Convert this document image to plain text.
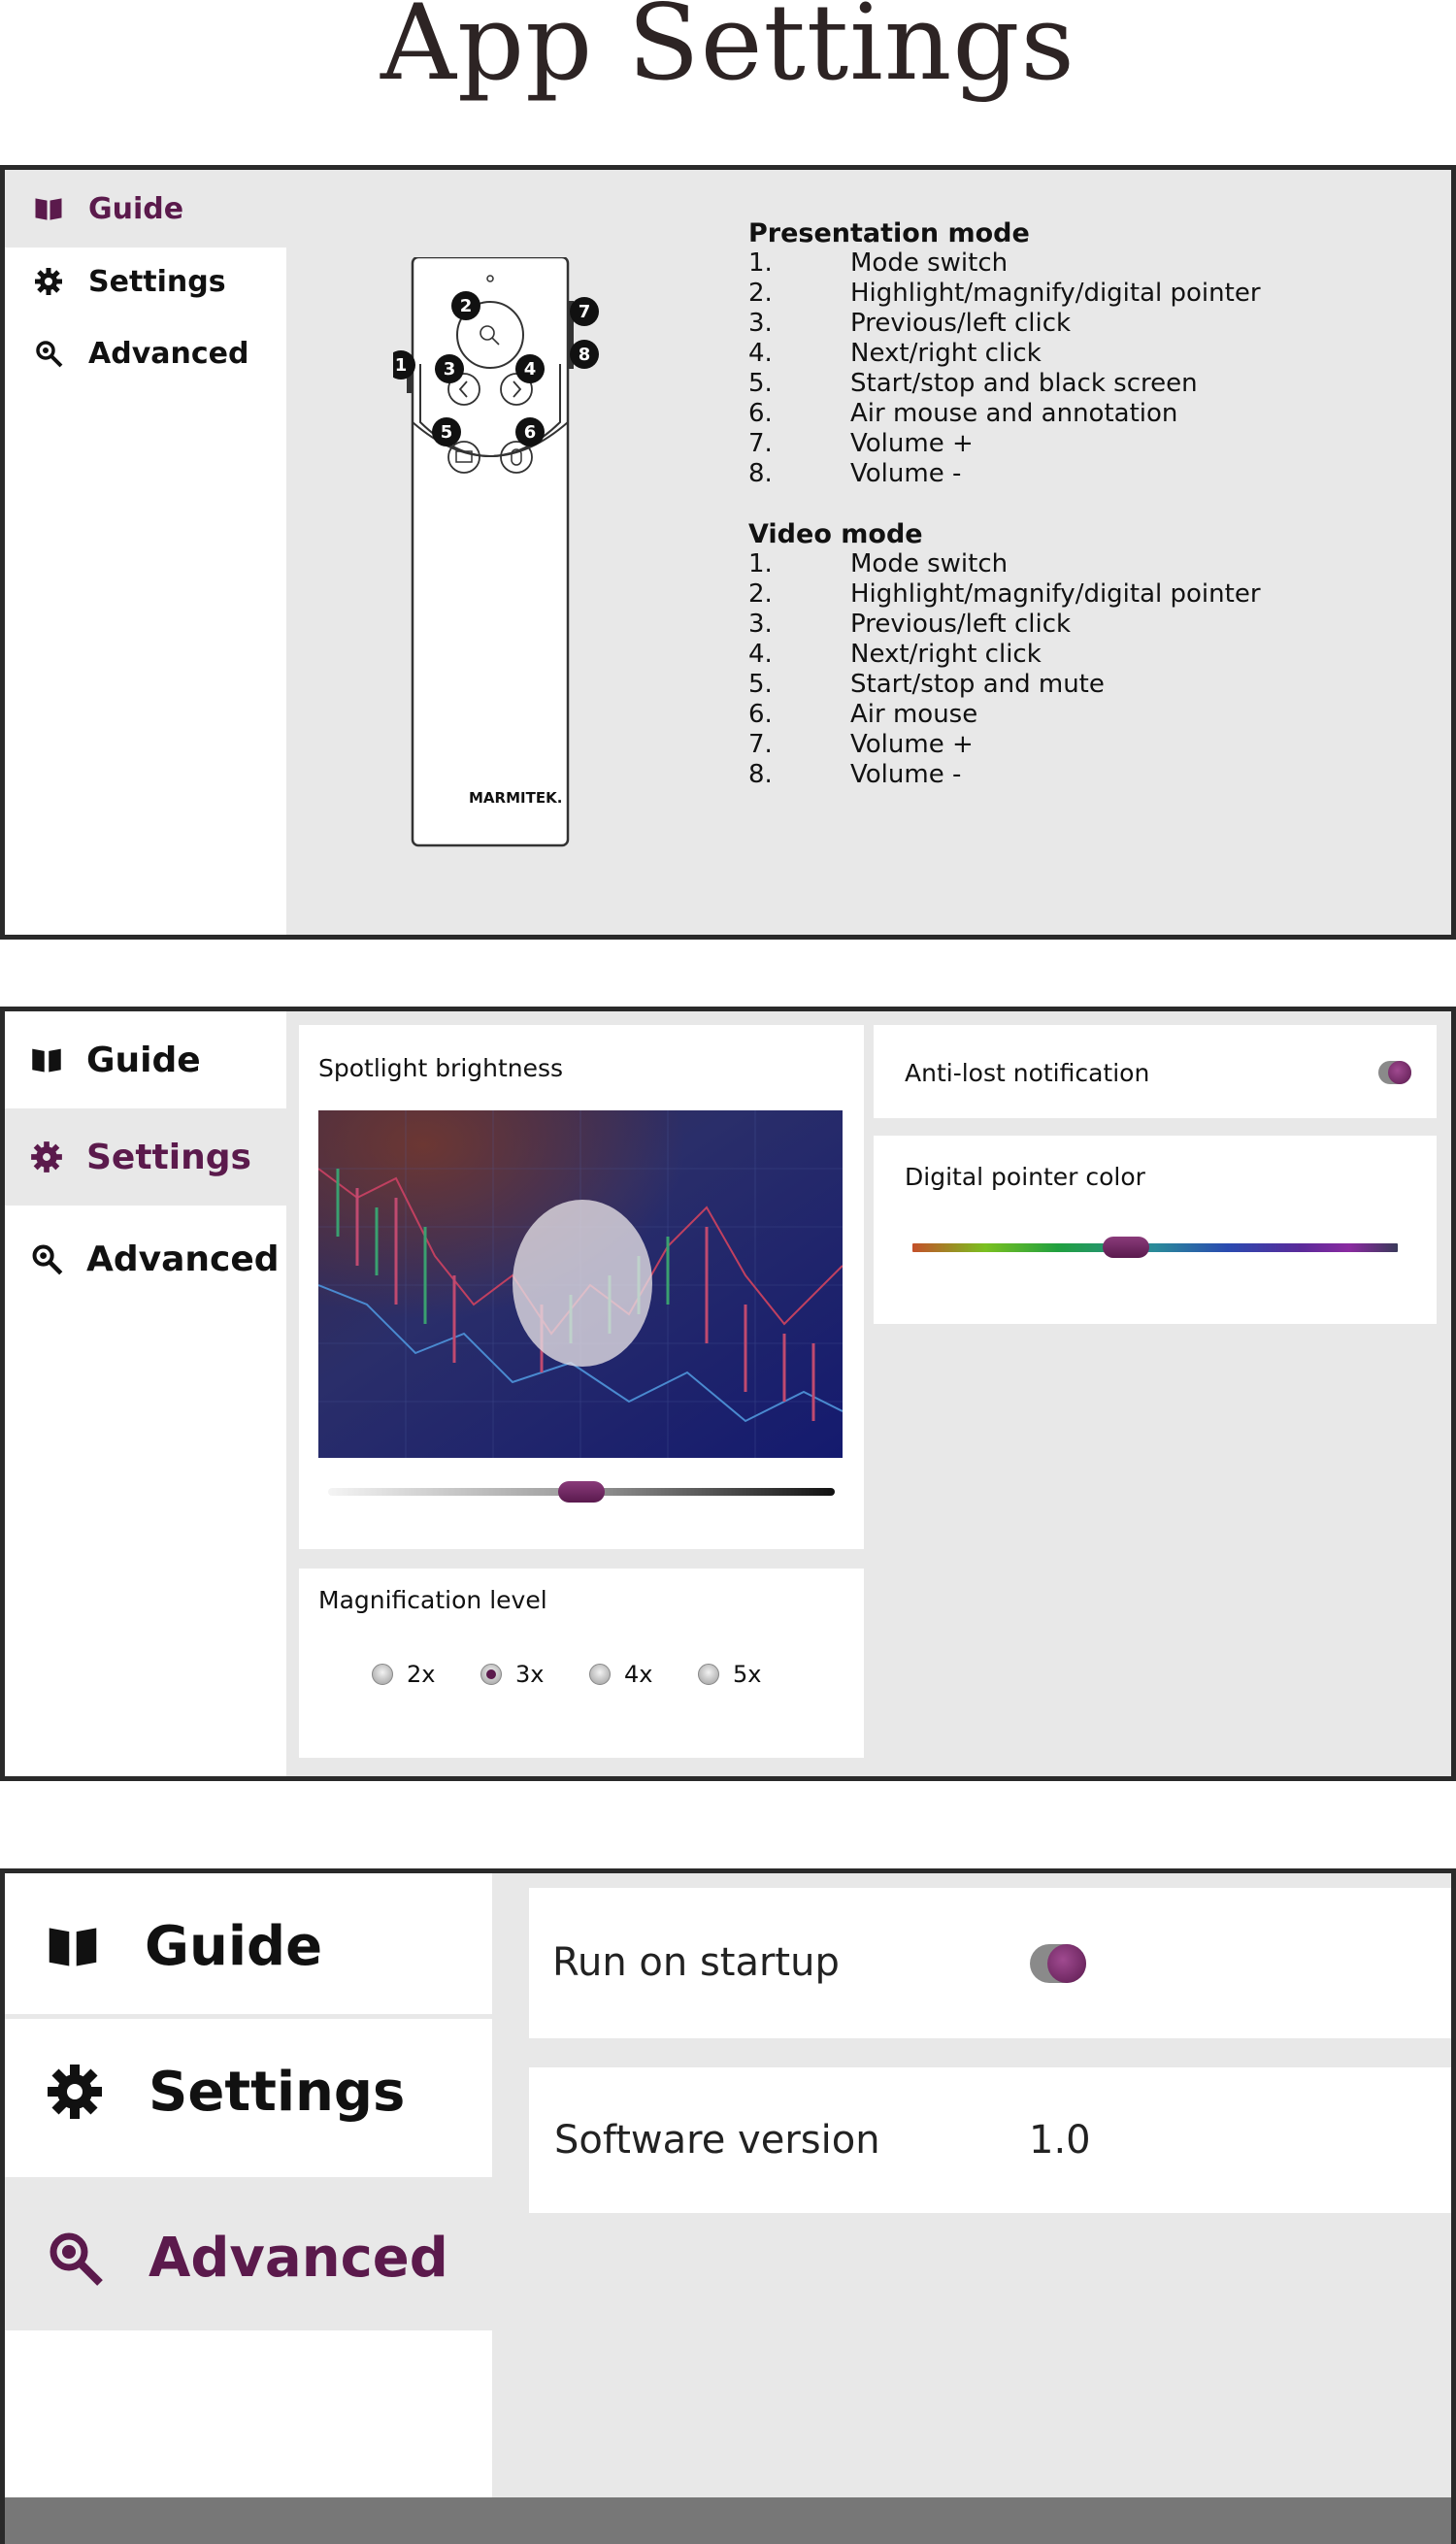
App Settings
Guide
Settings
Advanced
MARMITEK.
1
2
3	4
5	6
7
8
Presentation mode
1.	Mode switch
2.	Highlight/magnify/digital pointer
3.	Previous/left click
4.	Next/right click
5.	Start/stop and black screen
6.	Air mouse and annotation
7.	Volume +
8.	Volume -
Video mode
1.	Mode switch
2.	Highlight/magnify/digital pointer
3.	Previous/left click
4.	Next/right click
5.	Start/stop and mute
6.	Air mouse
7.	Volume +
8.	Volume -
Guide
Settings
Advanced
Spotlight brightness
Magnification level
2x	3x	4x	5x
Anti-lost notification
Digital pointer color
Guide
Settings
Advanced
Run on startup
Software version	1.0
